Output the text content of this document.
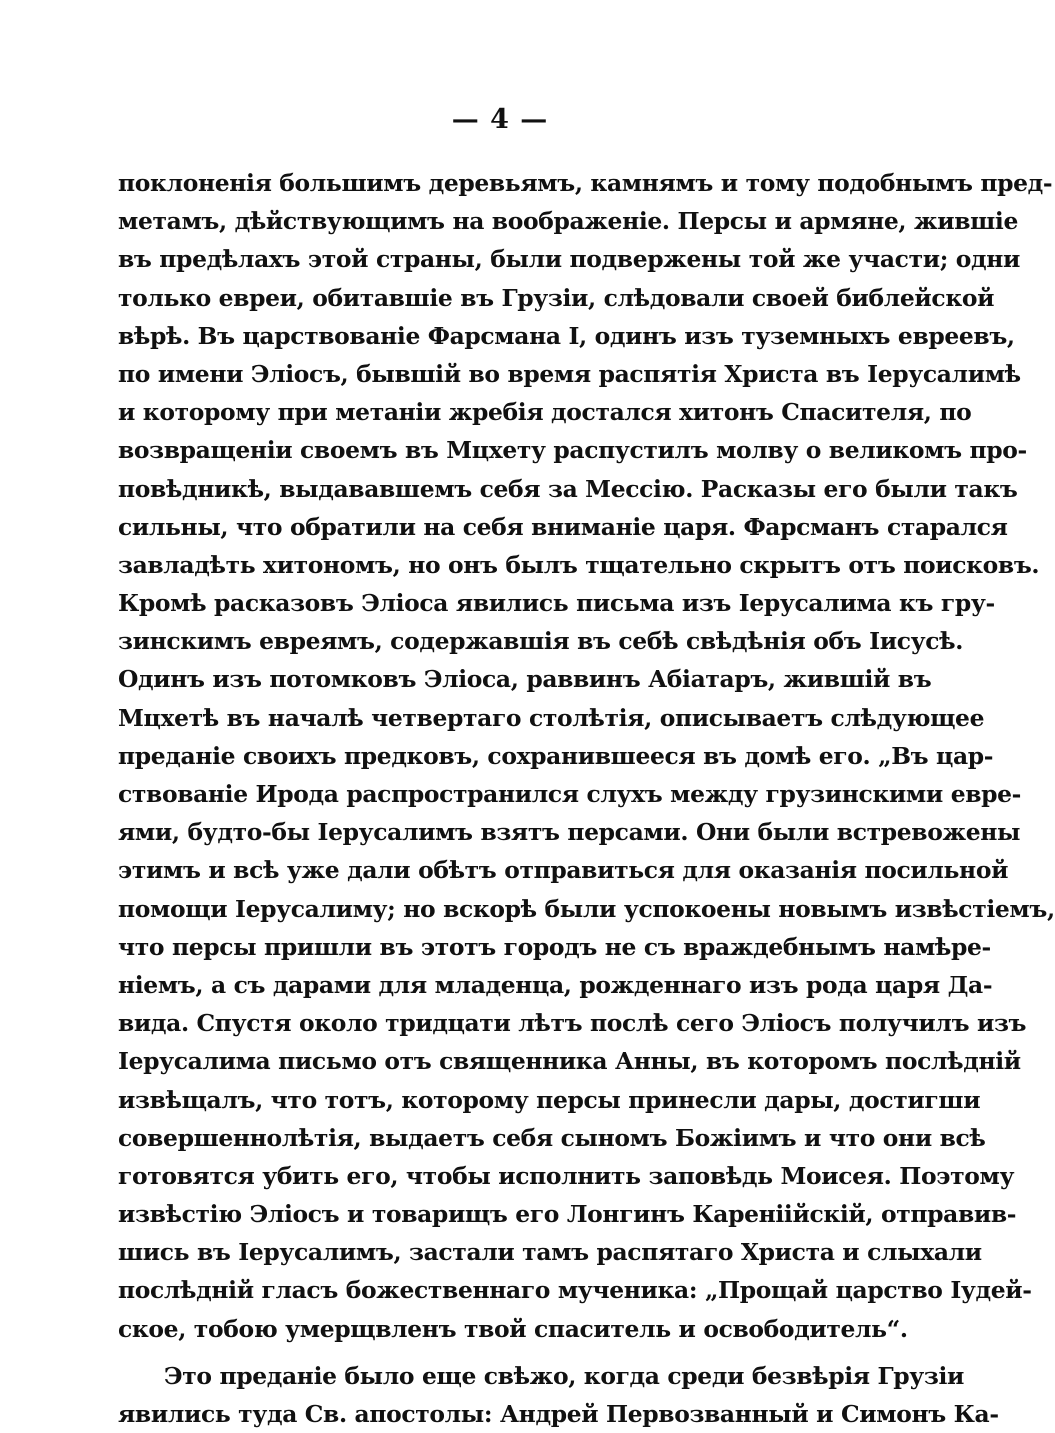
— 4 —
поклоненія большимъ деревьямъ, камнямъ и тому подобнымъ пред-
метамъ, дѣйствующимъ на воображеніе. Персы и армяне, жившіе
въ предѣлахъ этой страны, были подвержены той же участи; одни
только евреи, обитавшіе въ Грузіи, слѣдовали своей библейской
вѣрѣ. Въ царствованіе Фарсмана I, одинъ изъ туземныхъ евреевъ,
по имени Элiосъ, бывшій во время распятія Христа въ Іерусалимѣ
и которому при метаніи жребія достался хитонъ Спасителя, по
возвращеніи своемъ въ Мцхету распустилъ молву о великомъ про-
повѣдникѣ, выдававшемъ себя за Мессію. Расказы его были такъ
сильны, что обратили на себя вниманіе царя. Фарсманъ старался
завладѣть хитономъ, но онъ былъ тщательно скрытъ отъ поисковъ.
Кромѣ расказовъ Элiоса явились письма изъ Іерусалима къ гру-
зинскимъ евреямъ, содержавшія въ себѣ свѣдѣнія объ Іисусѣ.
Одинъ изъ потомковъ Элiоса, раввинъ Абіатаръ, жившій въ
Мцхетѣ въ началѣ четвертаго столѣтія, описываетъ слѣдующее
преданіе своихъ предковъ, сохранившееся въ домѣ его. „Въ цар-
ствованіе Ирода распространился слухъ между грузинскими евре-
ями, будто-бы Іерусалимъ взятъ персами. Они были встревожены
этимъ и всѣ уже дали обѣтъ отправиться для оказанія посильной
помощи Іерусалиму; но вскорѣ были успокоены новымъ извѣстіемъ,
что персы пришли въ этотъ городъ не съ враждебнымъ намѣре-
ніемъ, а съ дарами для младенца, рожденнаго изъ рода царя Да-
вида. Спустя около тридцати лѣтъ послѣ сего Элiосъ получилъ изъ
Іерусалима письмо отъ священника Анны, въ которомъ послѣдній
извѣщалъ, что тотъ, которому персы принесли дары, достигши
совершеннолѣтія, выдаетъ себя сыномъ Божіимъ и что они всѣ
готовятся убить его, чтобы исполнить заповѣдь Моисея. Поэтому
извѣстію Элiосъ и товарищъ его Лонгинъ Кареніійскій, отправив-
шись въ Іерусалимъ, застали тамъ распятаго Христа и слыхали
послѣдній гласъ божественнаго мученика: „Прощай царство Іудей-
ское, тобою умерщвленъ твой спаситель и освободитель“.
Это преданіе было еще свѣжо, когда среди безвѣрія Грузіи
явились туда Св. апостолы: Андрей Первозванный и Симонъ Ка-
